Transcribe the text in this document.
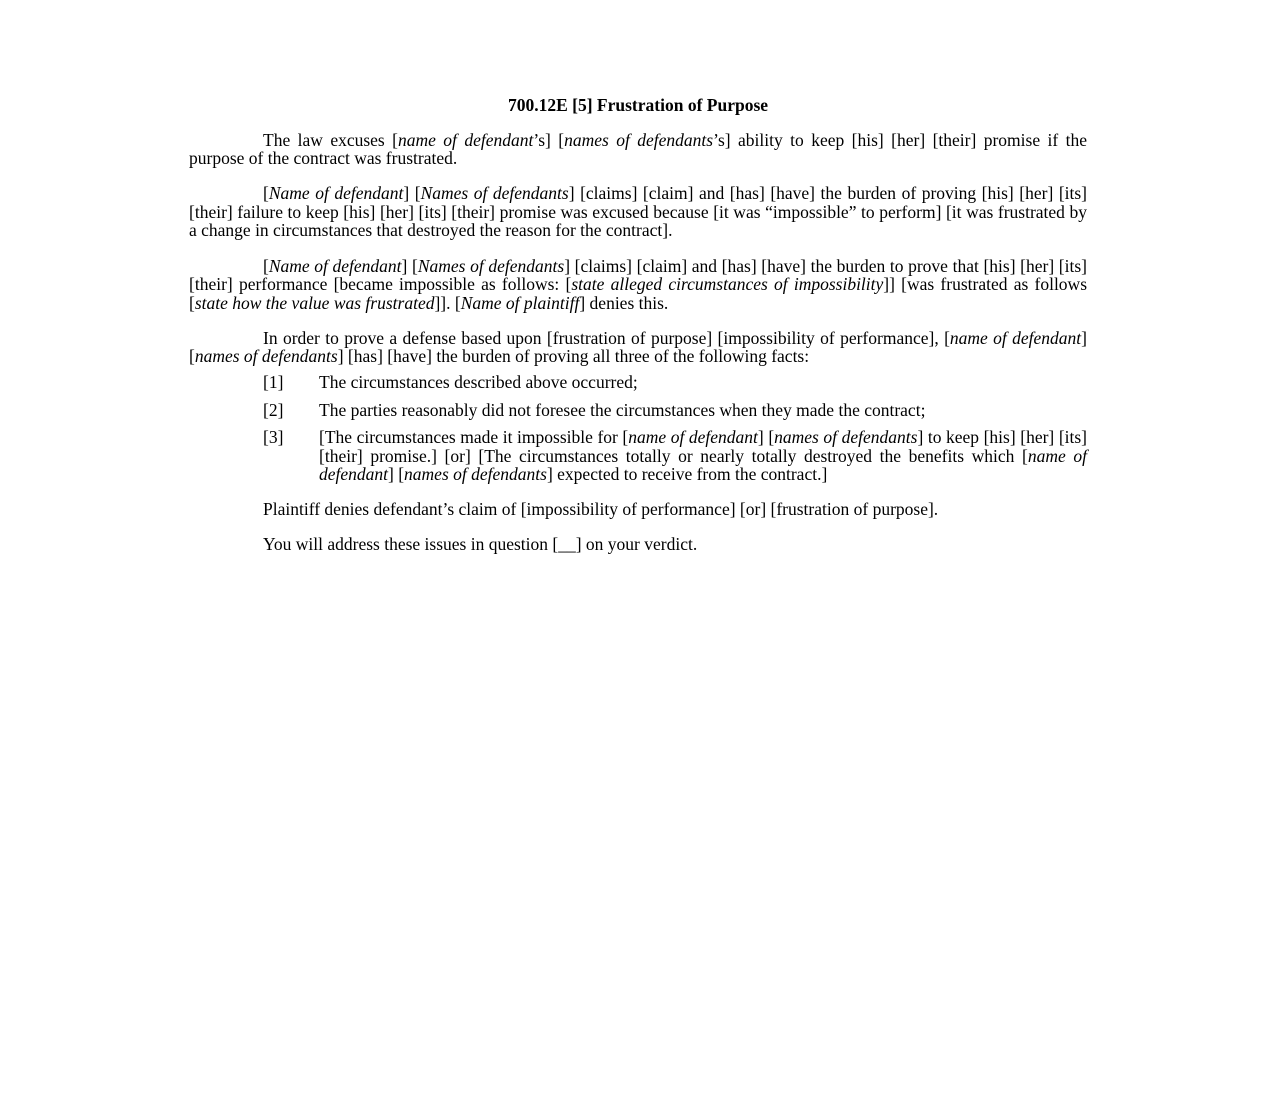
700.12E [5] Frustration of Purpose

The law excuses [name of defendant’s] [names of defendants’s] ability to keep [his] [her] [their] promise if the purpose of the contract was frustrated.

[Name of defendant] [Names of defendants] [claims] [claim] and [has] [have] the burden of proving [his] [her] [its] [their] failure to keep [his] [her] [its] [their] promise was excused because [it was “impossible” to perform] [it was frustrated by a change in circumstances that destroyed the reason for the contract].

[Name of defendant] [Names of defendants] [claims] [claim] and [has] [have] the burden to prove that [his] [her] [its] [their] performance [became impossible as follows: [state alleged circumstances of impossibility]] [was frustrated as follows [state how the value was frustrated]]. [Name of plaintiff] denies this.

In order to prove a defense based upon [frustration of purpose] [impossibility of performance], [name of defendant] [names of defendants] [has] [have] the burden of proving all three of the following facts:

[1]	The circumstances described above occurred;
[2]	The parties reasonably did not foresee the circumstances when they made the contract;
[3]	[The circumstances made it impossible for [name of defendant] [names of defendants] to keep [his] [her] [its] [their] promise.] [or] [The circumstances totally or nearly totally destroyed the benefits which [name of defendant] [names of defendants] expected to receive from the contract.]

Plaintiff denies defendant’s claim of [impossibility of performance] [or] [frustration of purpose].

You will address these issues in question [__] on your verdict.
